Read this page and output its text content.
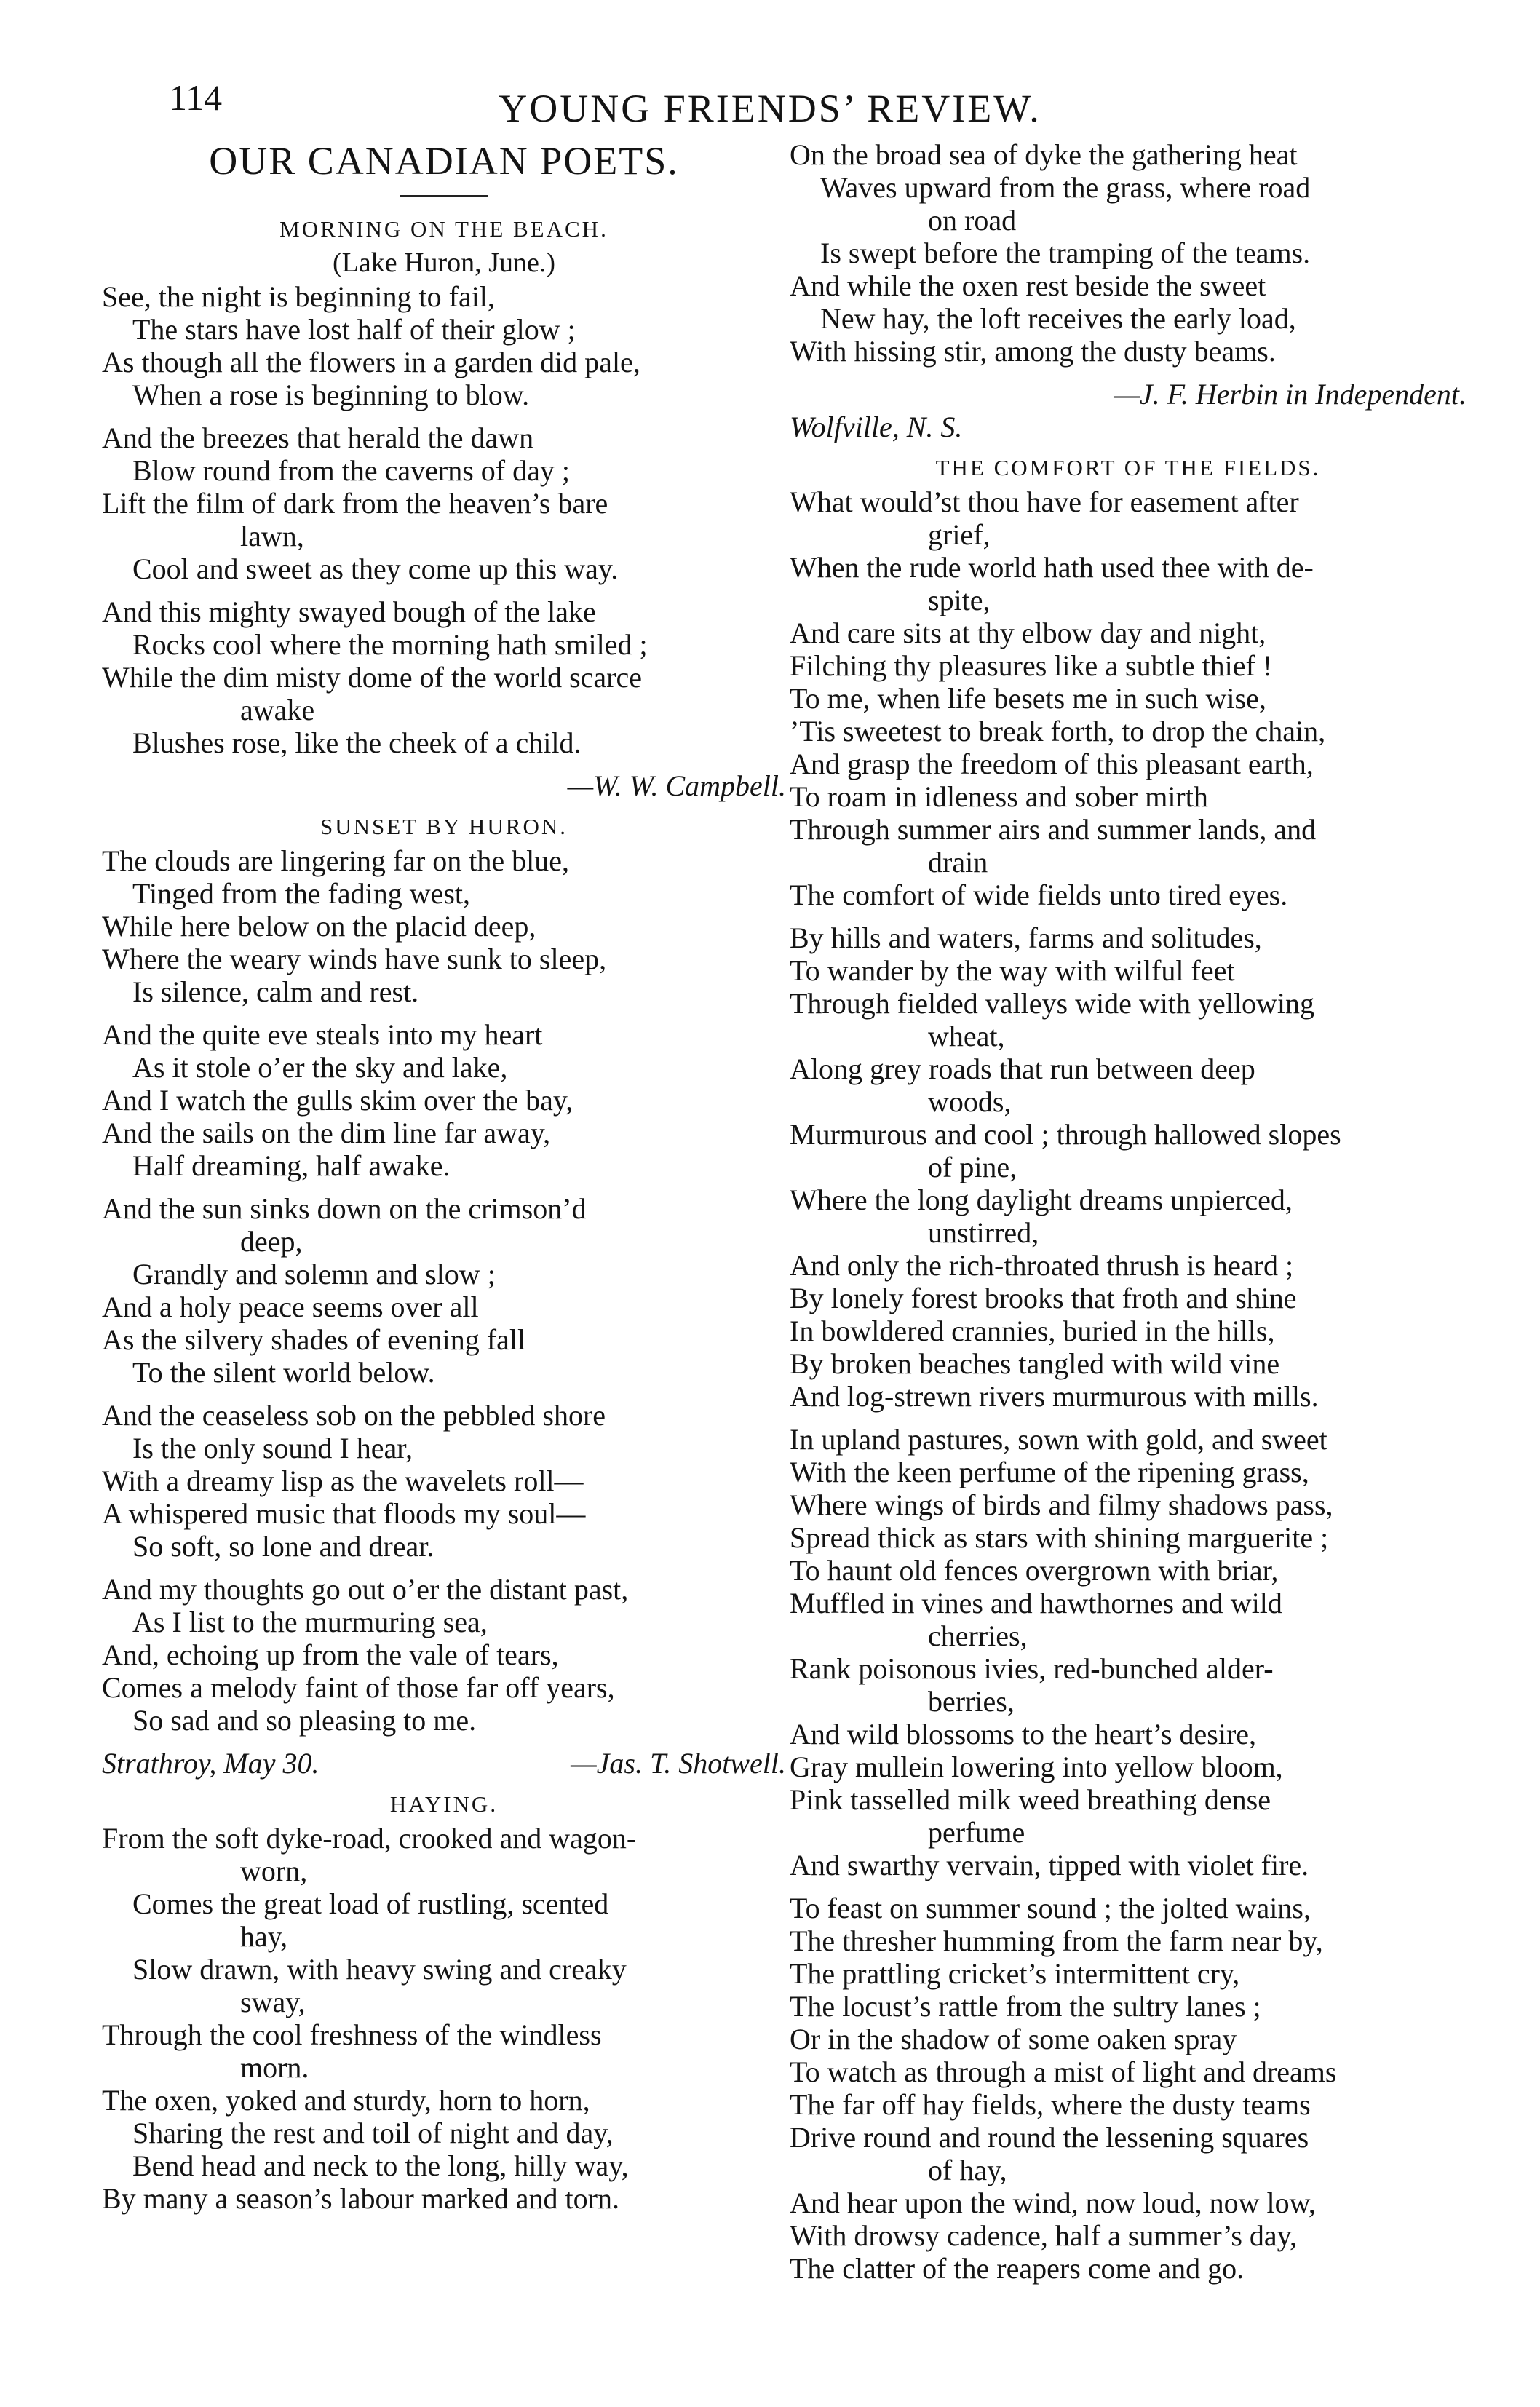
114	YOUNG FRIENDS’ REVIEW.
OUR CANADIAN POETS.
MORNING ON THE BEACH.
(Lake Huron, June.)
See, the night is beginning to fail,
The stars have lost half of their glow ;
As though all the flowers in a garden did pale,
When a rose is beginning to blow.
And the breezes that herald the dawn
Blow round from the caverns of day ;
Lift the film of dark from the heaven’s bare
lawn,
Cool and sweet as they come up this way.
And this mighty swayed bough of the lake
Rocks cool where the morning hath smiled ;
While the dim misty dome of the world scarce
awake
Blushes rose, like the cheek of a child.
—W. W. Campbell.
SUNSET BY HURON.
The clouds are lingering far on the blue,
Tinged from the fading west,
While here below on the placid deep,
Where the weary winds have sunk to sleep,
Is silence, calm and rest.
And the quite eve steals into my heart
As it stole o’er the sky and lake,
And I watch the gulls skim over the bay,
And the sails on the dim line far away,
Half dreaming, half awake.
And the sun sinks down on the crimson’d
deep,
Grandly and solemn and slow ;
And a holy peace seems over all
As the silvery shades of evening fall
To the silent world below.
And the ceaseless sob on the pebbled shore
Is the only sound I hear,
With a dreamy lisp as the wavelets roll—
A whispered music that floods my soul—
So soft, so lone and drear.
And my thoughts go out o’er the distant past,
As I list to the murmuring sea,
And, echoing up from the vale of tears,
Comes a melody faint of those far off years,
So sad and so pleasing to me.
Strathroy, May 30.	—Jas. T. Shotwell.
HAYING.
From the soft dyke-road, crooked and wagon-
worn,
Comes the great load of rustling, scented
hay,
Slow drawn, with heavy swing and creaky
sway,
Through the cool freshness of the windless
morn.
The oxen, yoked and sturdy, horn to horn,
Sharing the rest and toil of night and day,
Bend head and neck to the long, hilly way,
By many a season’s labour marked and torn.
On the broad sea of dyke the gathering heat
Waves upward from the grass, where road
on road
Is swept before the tramping of the teams.
And while the oxen rest beside the sweet
New hay, the loft receives the early load,
With hissing stir, among the dusty beams.
—J. F. Herbin in Independent.
Wolfville, N. S.
THE COMFORT OF THE FIELDS.
What would’st thou have for easement after
grief,
When the rude world hath used thee with de-
spite,
And care sits at thy elbow day and night,
Filching thy pleasures like a subtle thief !
To me, when life besets me in such wise,
’Tis sweetest to break forth, to drop the chain,
And grasp the freedom of this pleasant earth,
To roam in idleness and sober mirth
Through summer airs and summer lands, and
drain
The comfort of wide fields unto tired eyes.
By hills and waters, farms and solitudes,
To wander by the way with wilful feet
Through fielded valleys wide with yellowing
wheat,
Along grey roads that run between deep
woods,
Murmurous and cool ; through hallowed slopes
of pine,
Where the long daylight dreams unpierced,
unstirred,
And only the rich-throated thrush is heard ;
By lonely forest brooks that froth and shine
In bowldered crannies, buried in the hills,
By broken beaches tangled with wild vine
And log-strewn rivers murmurous with mills.
In upland pastures, sown with gold, and sweet
With the keen perfume of the ripening grass,
Where wings of birds and filmy shadows pass,
Spread thick as stars with shining marguerite ;
To haunt old fences overgrown with briar,
Muffled in vines and hawthornes and wild
cherries,
Rank poisonous ivies, red-bunched alder-
berries,
And wild blossoms to the heart’s desire,
Gray mullein lowering into yellow bloom,
Pink tasselled milk weed breathing dense
perfume
And swarthy vervain, tipped with violet fire.
To feast on summer sound ; the jolted wains,
The thresher humming from the farm near by,
The prattling cricket’s intermittent cry,
The locust’s rattle from the sultry lanes ;
Or in the shadow of some oaken spray
To watch as through a mist of light and dreams
The far off hay fields, where the dusty teams
Drive round and round the lessening squares
of hay,
And hear upon the wind, now loud, now low,
With drowsy cadence, half a summer’s day,
The clatter of the reapers come and go.
